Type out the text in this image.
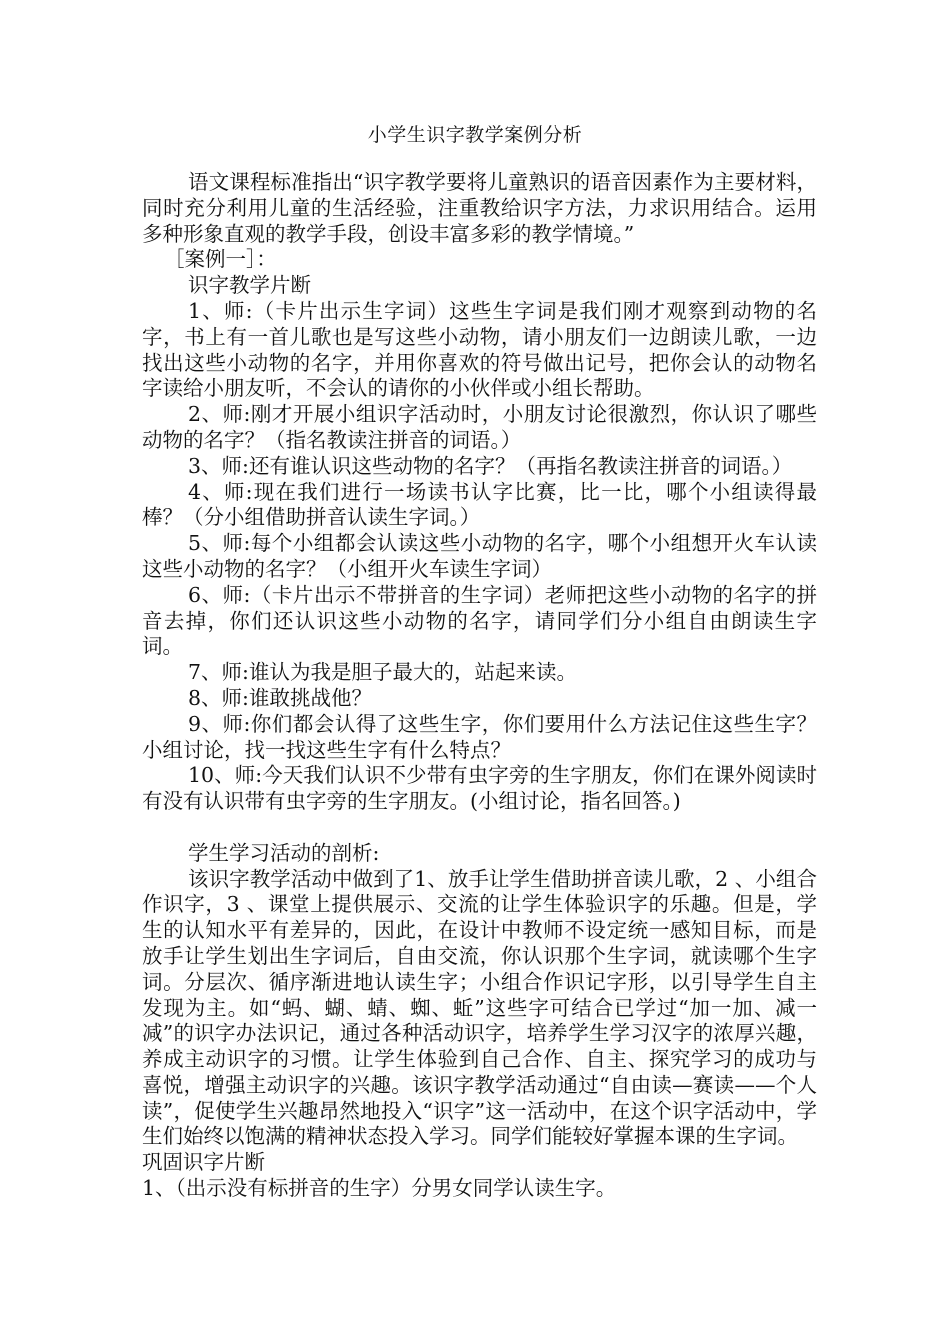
小学生识字教学案例分析

语文课程标准指出“识字教学要将儿童熟识的语音因素作为主要材料，同时充分利用儿童的生活经验，注重教给识字方法，力求识用结合。运用多种形象直观的教学手段，创设丰富多彩的教学情境。”

［案例一］：

识字教学片断

1、师:（卡片出示生字词）这些生字词是我们刚才观察到动物的名字，书上有一首儿歌也是写这些小动物，请小朋友们一边朗读儿歌，一边找出这些小动物的名字，并用你喜欢的符号做出记号，把你会认的动物名字读给小朋友听，不会认的请你的小伙伴或小组长帮助。

2、师:刚才开展小组识字活动时，小朋友讨论很激烈，你认识了哪些动物的名字？（指名教读注拼音的词语。）

3、师:还有谁认识这些动物的名字？（再指名教读注拼音的词语。）

4、师:现在我们进行一场读书认字比赛，比一比，哪个小组读得最棒？（分小组借助拼音认读生字词。）

5、师:每个小组都会认读这些小动物的名字，哪个小组想开火车认读这些小动物的名字？（小组开火车读生字词）

6、师:（卡片出示不带拼音的生字词）老师把这些小动物的名字的拼音去掉，你们还认识这些小动物的名字，请同学们分小组自由朗读生字词。

7、师:谁认为我是胆子最大的，站起来读。

8、师:谁敢挑战他？

9、师:你们都会认得了这些生字，你们要用什么方法记住这些生字？小组讨论，找一找这些生字有什么特点？

10、师:今天我们认识不少带有虫字旁的生字朋友，你们在课外阅读时有没有认识带有虫字旁的生字朋友。(小组讨论，指名回答。)

学生学习活动的剖析:

该识字教学活动中做到了1、放手让学生借助拼音读儿歌，2 、小组合作识字，3 、课堂上提供展示、交流的让学生体验识字的乐趣。但是，学生的认知水平有差异的，因此，在设计中教师不设定统一感知目标，而是放手让学生划出生字词后，自由交流，你认识那个生字词，就读哪个生字词。分层次、循序渐进地认读生字；小组合作识记字形，以引导学生自主发现为主。如“蚂、蝴、蜻、蜘、蚯”这些字可结合已学过“加一加、减一减”的识字办法识记，通过各种活动识字，培养学生学习汉字的浓厚兴趣，养成主动识字的习惯。让学生体验到自己合作、自主、探究学习的成功与喜悦，增强主动识字的兴趣。该识字教学活动通过“自由读—赛读——个人读”，促使学生兴趣昂然地投入“识字”这一活动中，在这个识字活动中，学生们始终以饱满的精神状态投入学习。同学们能较好掌握本课的生字词。

巩固识字片断

1、（出示没有标拼音的生字）分男女同学认读生字。
